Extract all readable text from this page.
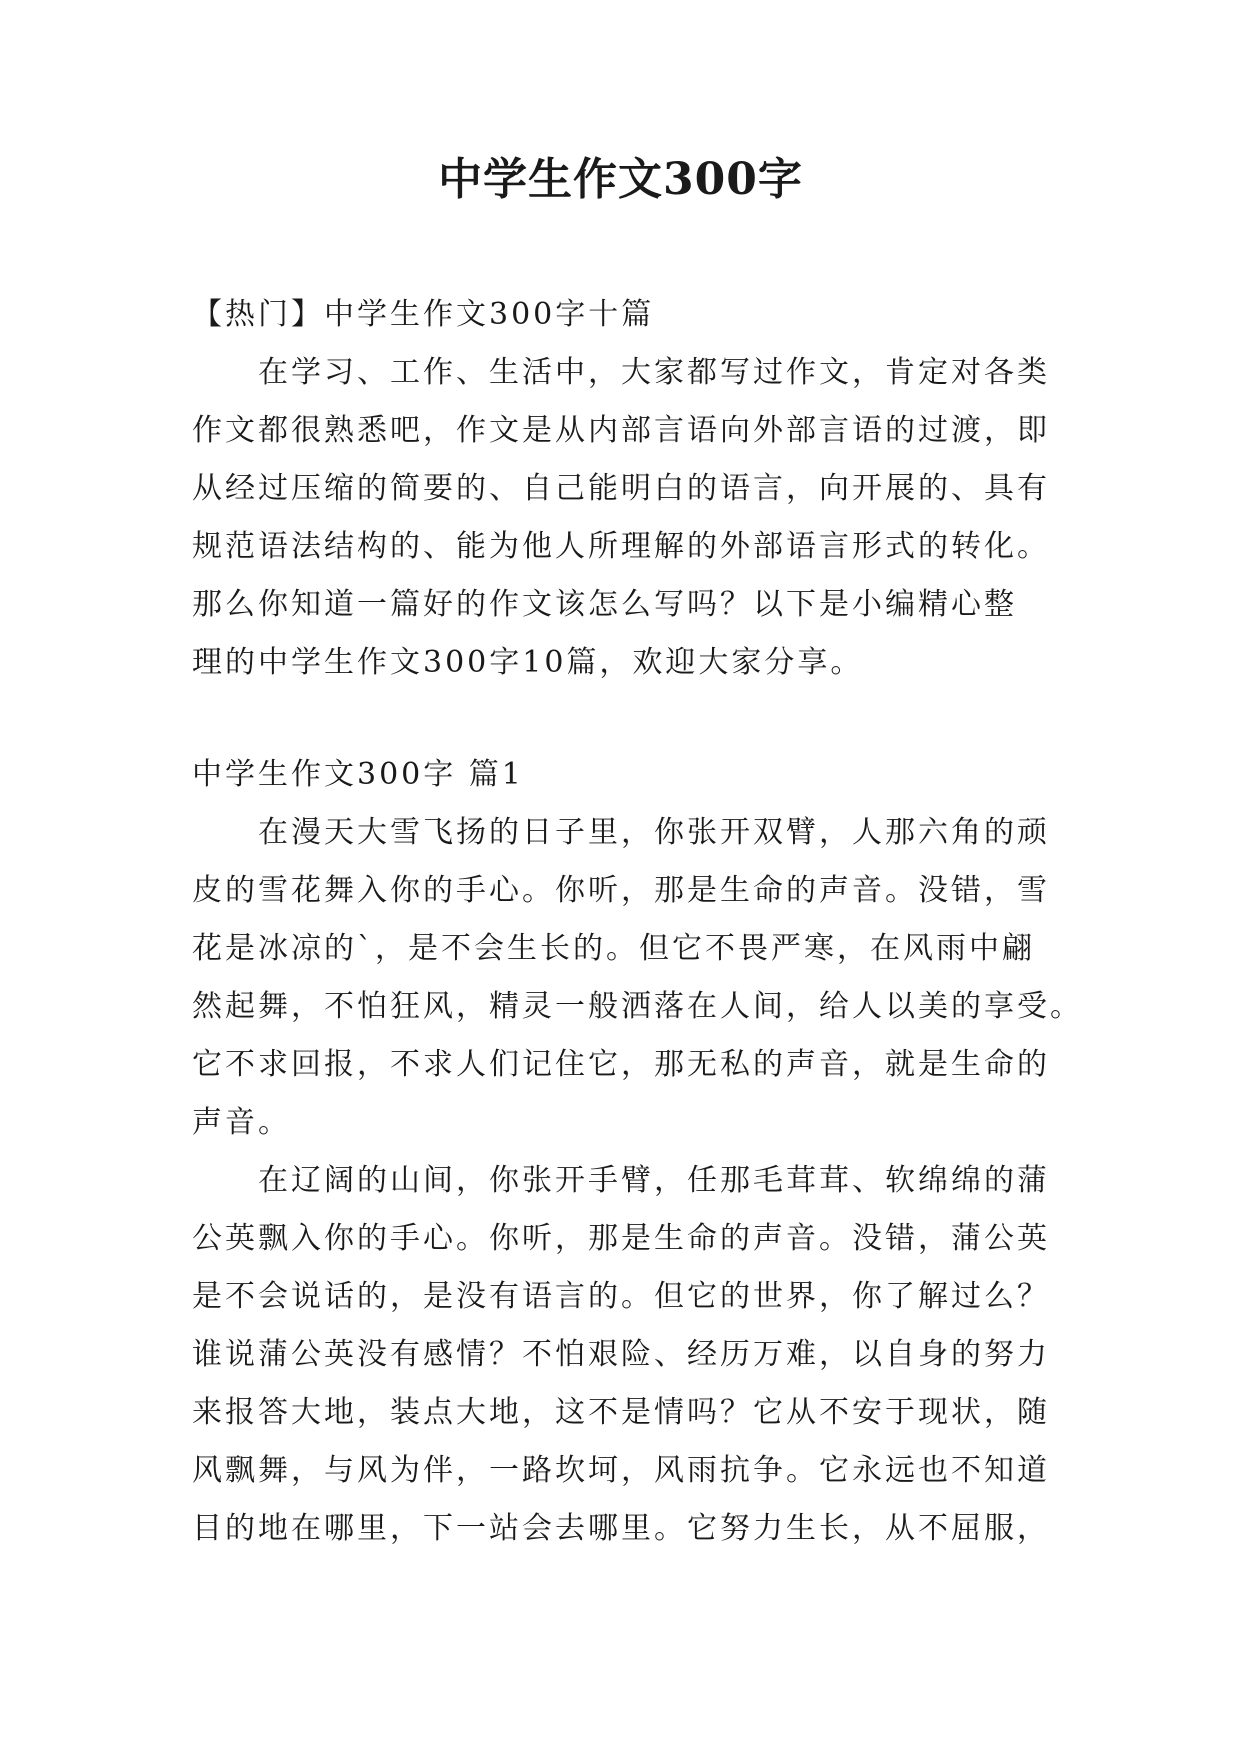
中学生作文300字
【热门】中学生作文300字十篇
在学习、工作、生活中，大家都写过作文，肯定对各类
作文都很熟悉吧，作文是从内部言语向外部言语的过渡，即
从经过压缩的简要的、自己能明白的语言，向开展的、具有
规范语法结构的、能为他人所理解的外部语言形式的转化。
那么你知道一篇好的作文该怎么写吗？以下是小编精心整
理的中学生作文300字10篇，欢迎大家分享。
中学生作文300字 篇1
在漫天大雪飞扬的日子里，你张开双臂，人那六角的顽
皮的雪花舞入你的手心。你听，那是生命的声音。没错，雪
花是冰凉的`，是不会生长的。但它不畏严寒，在风雨中翩
然起舞，不怕狂风，精灵一般洒落在人间，给人以美的享受。
它不求回报，不求人们记住它，那无私的声音，就是生命的
声音。
在辽阔的山间，你张开手臂，任那毛茸茸、软绵绵的蒲
公英飘入你的手心。你听，那是生命的声音。没错，蒲公英
是不会说话的，是没有语言的。但它的世界，你了解过么？
谁说蒲公英没有感情？不怕艰险、经历万难，以自身的努力
来报答大地，装点大地，这不是情吗？它从不安于现状，随
风飘舞，与风为伴，一路坎坷，风雨抗争。它永远也不知道
目的地在哪里，下一站会去哪里。它努力生长，从不屈服，
